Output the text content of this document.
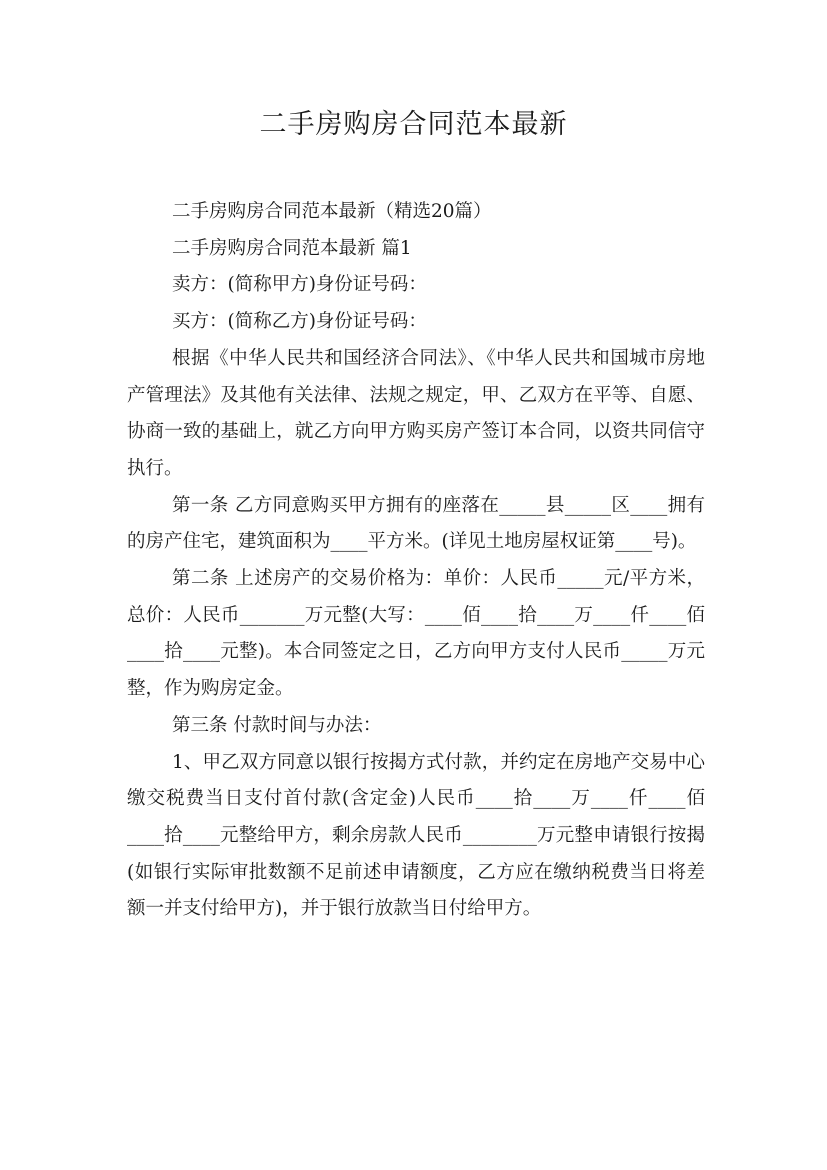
二手房购房合同范本最新

二手房购房合同范本最新（精选20篇）

二手房购房合同范本最新 篇1

卖方：(简称甲方)身份证号码：

买方：(简称乙方)身份证号码：

根据《中华人民共和国经济合同法》、《中华人民共和国城市房地产管理法》及其他有关法律、法规之规定，甲、乙双方在平等、自愿、协商一致的基础上，就乙方向甲方购买房产签订本合同，以资共同信守执行。

第一条 乙方同意购买甲方拥有的座落在_____县_____区____拥有的房产住宅，建筑面积为____平方米。(详见土地房屋权证第____号)。

第二条 上述房产的交易价格为：单价：人民币_____元/平方米，总价：人民币_______万元整(大写：____佰____拾____万____仟____佰____拾____元整)。本合同签定之日，乙方向甲方支付人民币_____万元整，作为购房定金。

第三条 付款时间与办法：

1、甲乙双方同意以银行按揭方式付款，并约定在房地产交易中心缴交税费当日支付首付款(含定金)人民币____拾____万____仟____佰____拾____元整给甲方，剩余房款人民币________万元整申请银行按揭(如银行实际审批数额不足前述申请额度，乙方应在缴纳税费当日将差额一并支付给甲方)，并于银行放款当日付给甲方。
